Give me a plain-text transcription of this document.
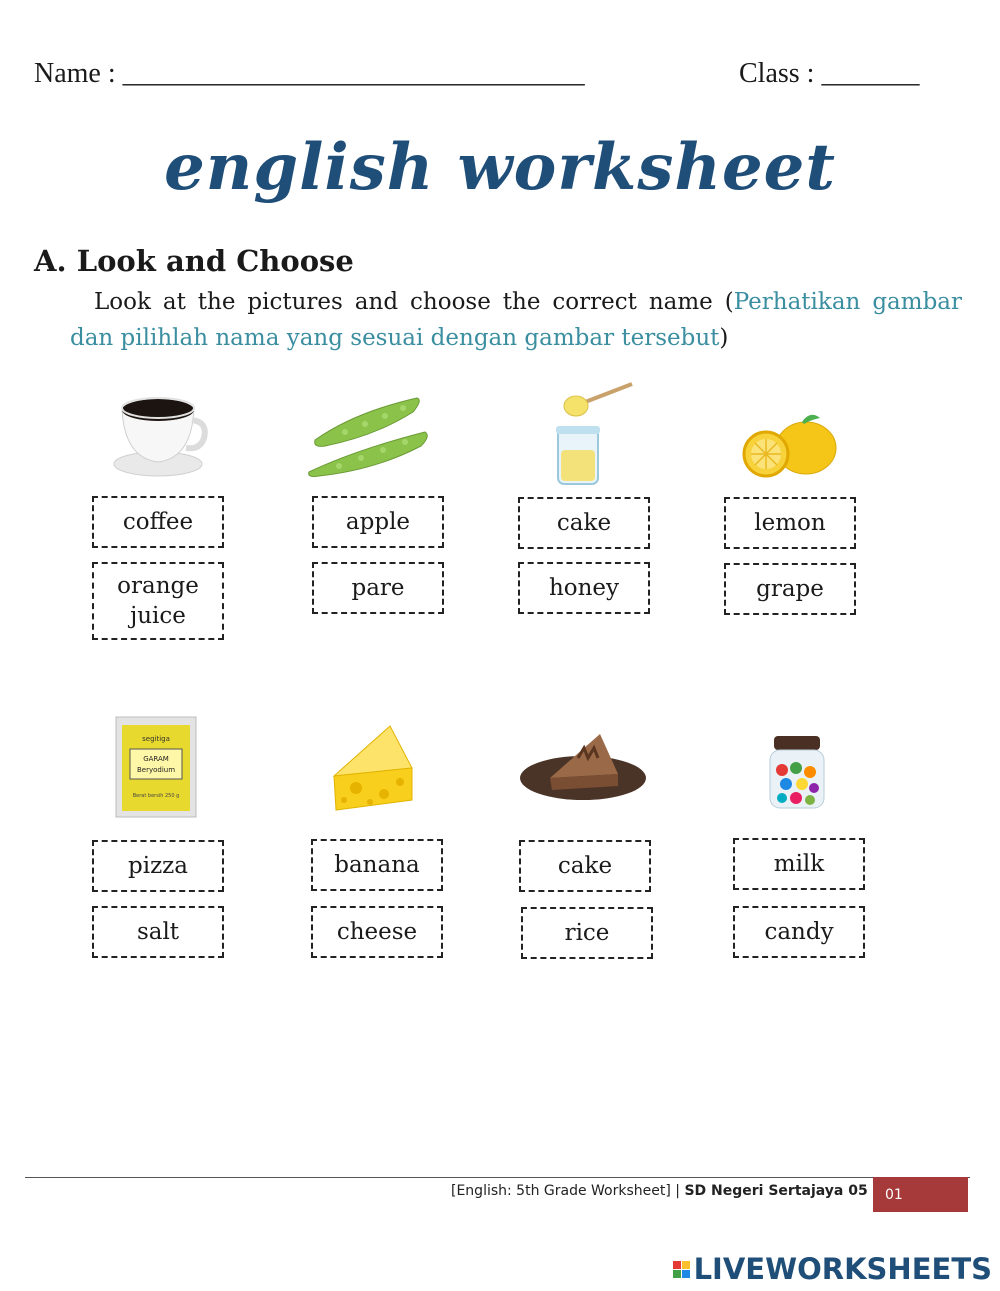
Name : _________________________________	Class : _______
english worksheet
A. Look and Choose
Look at the pictures and choose the correct name (Perhatikan gambar dan pilihlah nama yang sesuai dengan gambar tersebut)
segitiga
GARAM
Beryodium
Berat bersih 250 g
coffee
orange juice
apple
pare
cake
honey
lemon
grape
pizza
salt
banana
cheese
cake
rice
milk
candy
[English: 5th Grade Worksheet] | SD Negeri Sertajaya 05	01
LIVEWORKSHEETS
